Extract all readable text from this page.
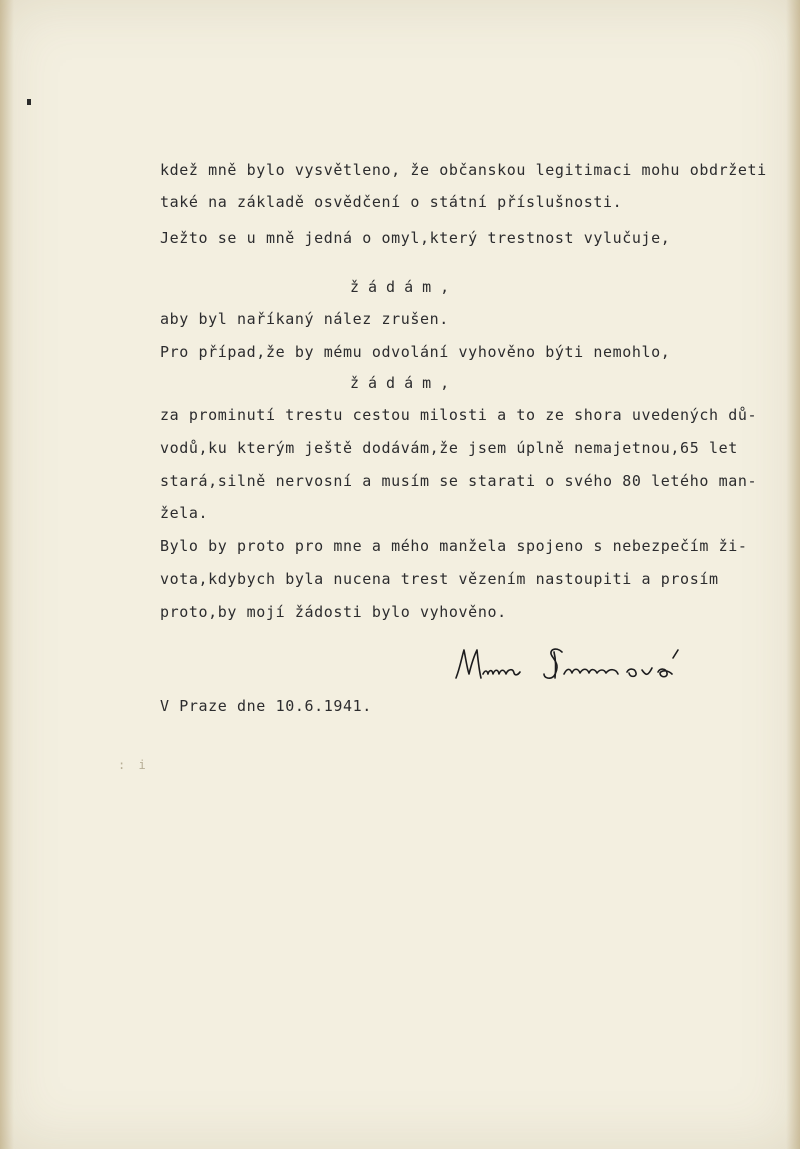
kdež mně bylo vysvětleno, že občanskou legitimaci mohu obdržeti
také na základě osvědčení o státní příslušnosti.
Ježto se u mně jedná o omyl,který trestnost vylučuje,
žádám,
aby byl naříkaný nález zrušen.
Pro případ,že by mému odvolání vyhověno býti nemohlo,
žádám,
za prominutí trestu cestou milosti a to ze shora uvedených dů-
vodů,ku kterým ještě dodávám,že jsem úplně nemajetnou,65 let
stará,silně nervosní a musím se starati o svého 80 letého man-
žela.
Bylo by proto pro mne a mého manžela spojeno s nebezpečím ži-
vota,kdybych byla nucena trest vězením nastoupiti a prosím
proto,by mojí žádosti bylo vyhověno.
V Praze dne 10.6.1941.
: i
